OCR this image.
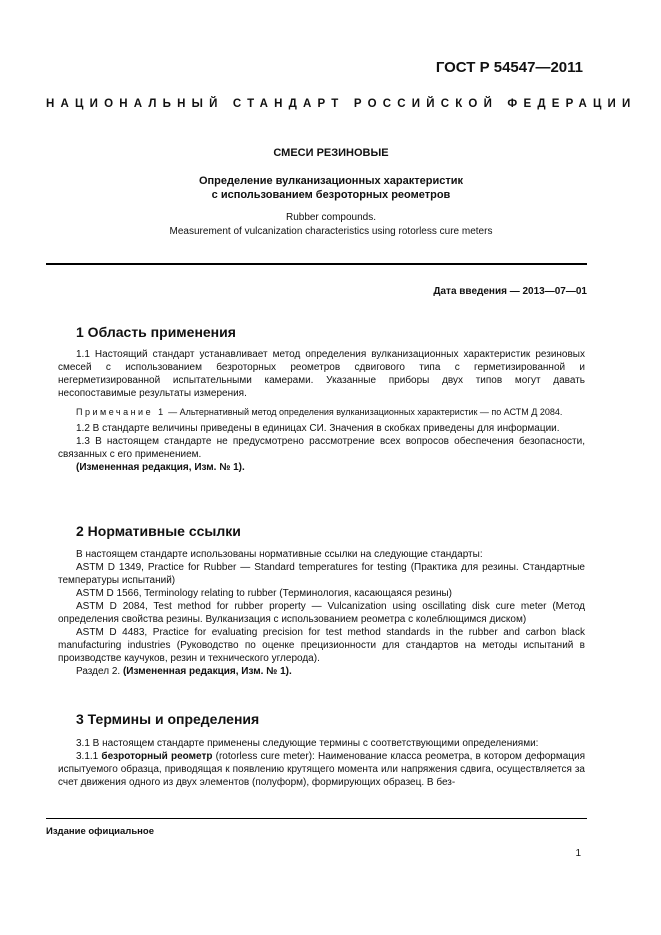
ГОСТ Р 54547—2011
НАЦИОНАЛЬНЫЙ СТАНДАРТ РОССИЙСКОЙ ФЕДЕРАЦИИ
СМЕСИ РЕЗИНОВЫЕ
Определение вулканизационных характеристик
с использованием безроторных реометров
Rubber compounds.
Measurement of vulcanization characteristics using rotorless cure meters
Дата введения — 2013—07—01
1 Область применения

1.1 Настоящий стандарт устанавливает метод определения вулканизационных характеристик резиновых смесей с использованием безроторных реометров сдвигового типа с герметизированной и негерметизированной испытательными камерами. Указанные приборы двух типов могут давать несопоставимые результаты измерения.

Примечание 1 — Альтернативный метод определения вулканизационных характеристик — по АСТМ Д 2084.

1.2 В стандарте величины приведены в единицах СИ. Значения в скобках приведены для информации.

1.3 В настоящем стандарте не предусмотрено рассмотрение всех вопросов обеспечения безопасности, связанных с его применением.

(Измененная редакция, Изм. № 1).

2 Нормативные ссылки

В настоящем стандарте использованы нормативные ссылки на следующие стандарты:

ASTM D 1349, Practice for Rubber — Standard temperatures for testing (Практика для резины. Стандартные температуры испытаний)

ASTM D 1566, Terminology relating to rubber (Терминология, касающаяся резины)

ASTM D 2084, Test method for rubber property — Vulcanization using oscillating disk cure meter (Метод определения свойства резины. Вулканизация с использованием реометра с колеблющимся диском)

ASTM D 4483, Practice for evaluating precision for test method standards in the rubber and carbon black manufacturing industries (Руководство по оценке прецизионности для стандартов на методы испытаний в производстве каучуков, резин и технического углерода).

Раздел 2. (Измененная редакция, Изм. № 1).

3 Термины и определения

3.1 В настоящем стандарте применены следующие термины с соответствующими определениями:

3.1.1 безроторный реометр (rotorless cure meter): Наименование класса реометра, в котором деформация испытуемого образца, приводящая к появлению крутящего момента или напряжения сдвига, осуществляется за счет движения одного из двух элементов (полуформ), формирующих образец. В без-

Издание официальное
1
